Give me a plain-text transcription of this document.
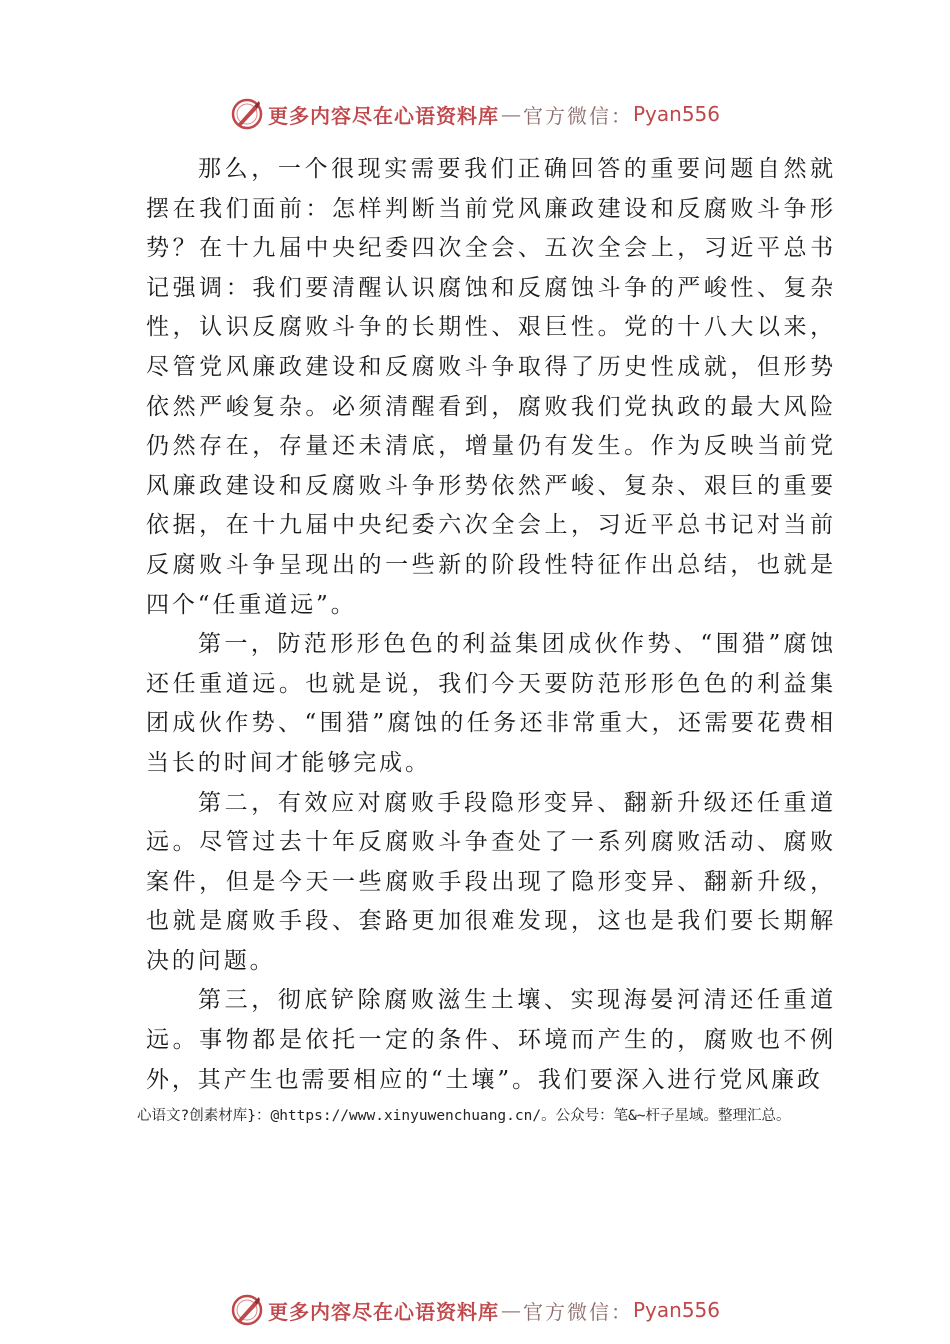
更多内容尽在心语资料库 — 官方微信： Pyan556

那么，一个很现实需要我们正确回答的重要问题自然就摆在我们面前：怎样判断当前党风廉政建设和反腐败斗争形势？在十九届中央纪委四次全会、五次全会上，习近平总书记强调：我们要清醒认识腐蚀和反腐蚀斗争的严峻性、复杂性，认识反腐败斗争的长期性、艰巨性。党的十八大以来， 尽管党风廉政建设和反腐败斗争取得了历史性成就，但形势依然严峻复杂。必须清醒看到，腐败我们党执政的最大风险仍然存在，存量还未清底，增量仍有发生。作为反映当前党风廉政建设和反腐败斗争形势依然严峻、复杂、艰巨的重要依据，在十九届中央纪委六次全会上，习近平总书记对当前反腐败斗争呈现出的一些新的阶段性特征作出总结，也就是四个“任重道远”。

第一，防范形形色色的利益集团成伙作势、“围猎”腐蚀还任重道远。也就是说，我们今天要防范形形色色的利益集团成伙作势、“围猎”腐蚀的任务还非常重大，还需要花费相当长的时间才能够完成。

第二，有效应对腐败手段隐形变异、翻新升级还任重道远。尽管过去十年反腐败斗争查处了一系列腐败活动、腐败案件，但是今天一些腐败手段出现了隐形变异、翻新升级， 也就是腐败手段、套路更加很难发现，这也是我们要长期解决的问题。

第三，彻底铲除腐败滋生土壤、实现海晏河清还任重道远。事物都是依托一定的条件、环境而产生的，腐败也不例外，其产生也需要相应的“土壤”。我们要深入进行党风廉政

心语文?创素材库}：@https://www.xinyuwenchuang.cn/。公众号：笔&~杆子星域。整理汇总。
更多内容尽在心语资料库 — 官方微信： Pyan556
